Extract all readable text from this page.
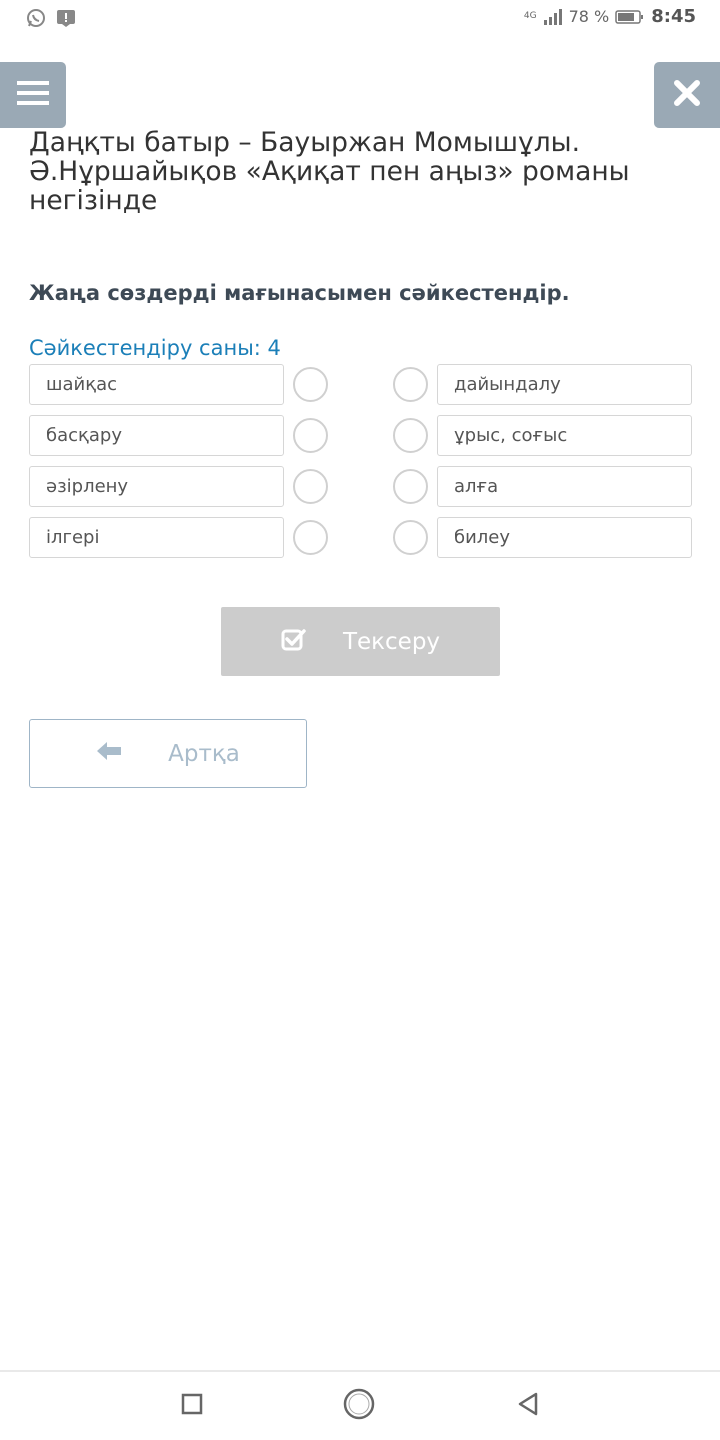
4G 78 % 8:45
Даңқты батыр – Бауыржан Момышұлы. Ә.Нұршайықов «Ақиқат пен аңыз» романы негізінде
Жаңа сөздерді мағынасымен сәйкестендір.
Сәйкестендіру саны: 4
шайқас
басқару
әзірлену
ілгері
дайындалу
ұрыс, соғыс
алға
билеу
Тексеру
Артқа
